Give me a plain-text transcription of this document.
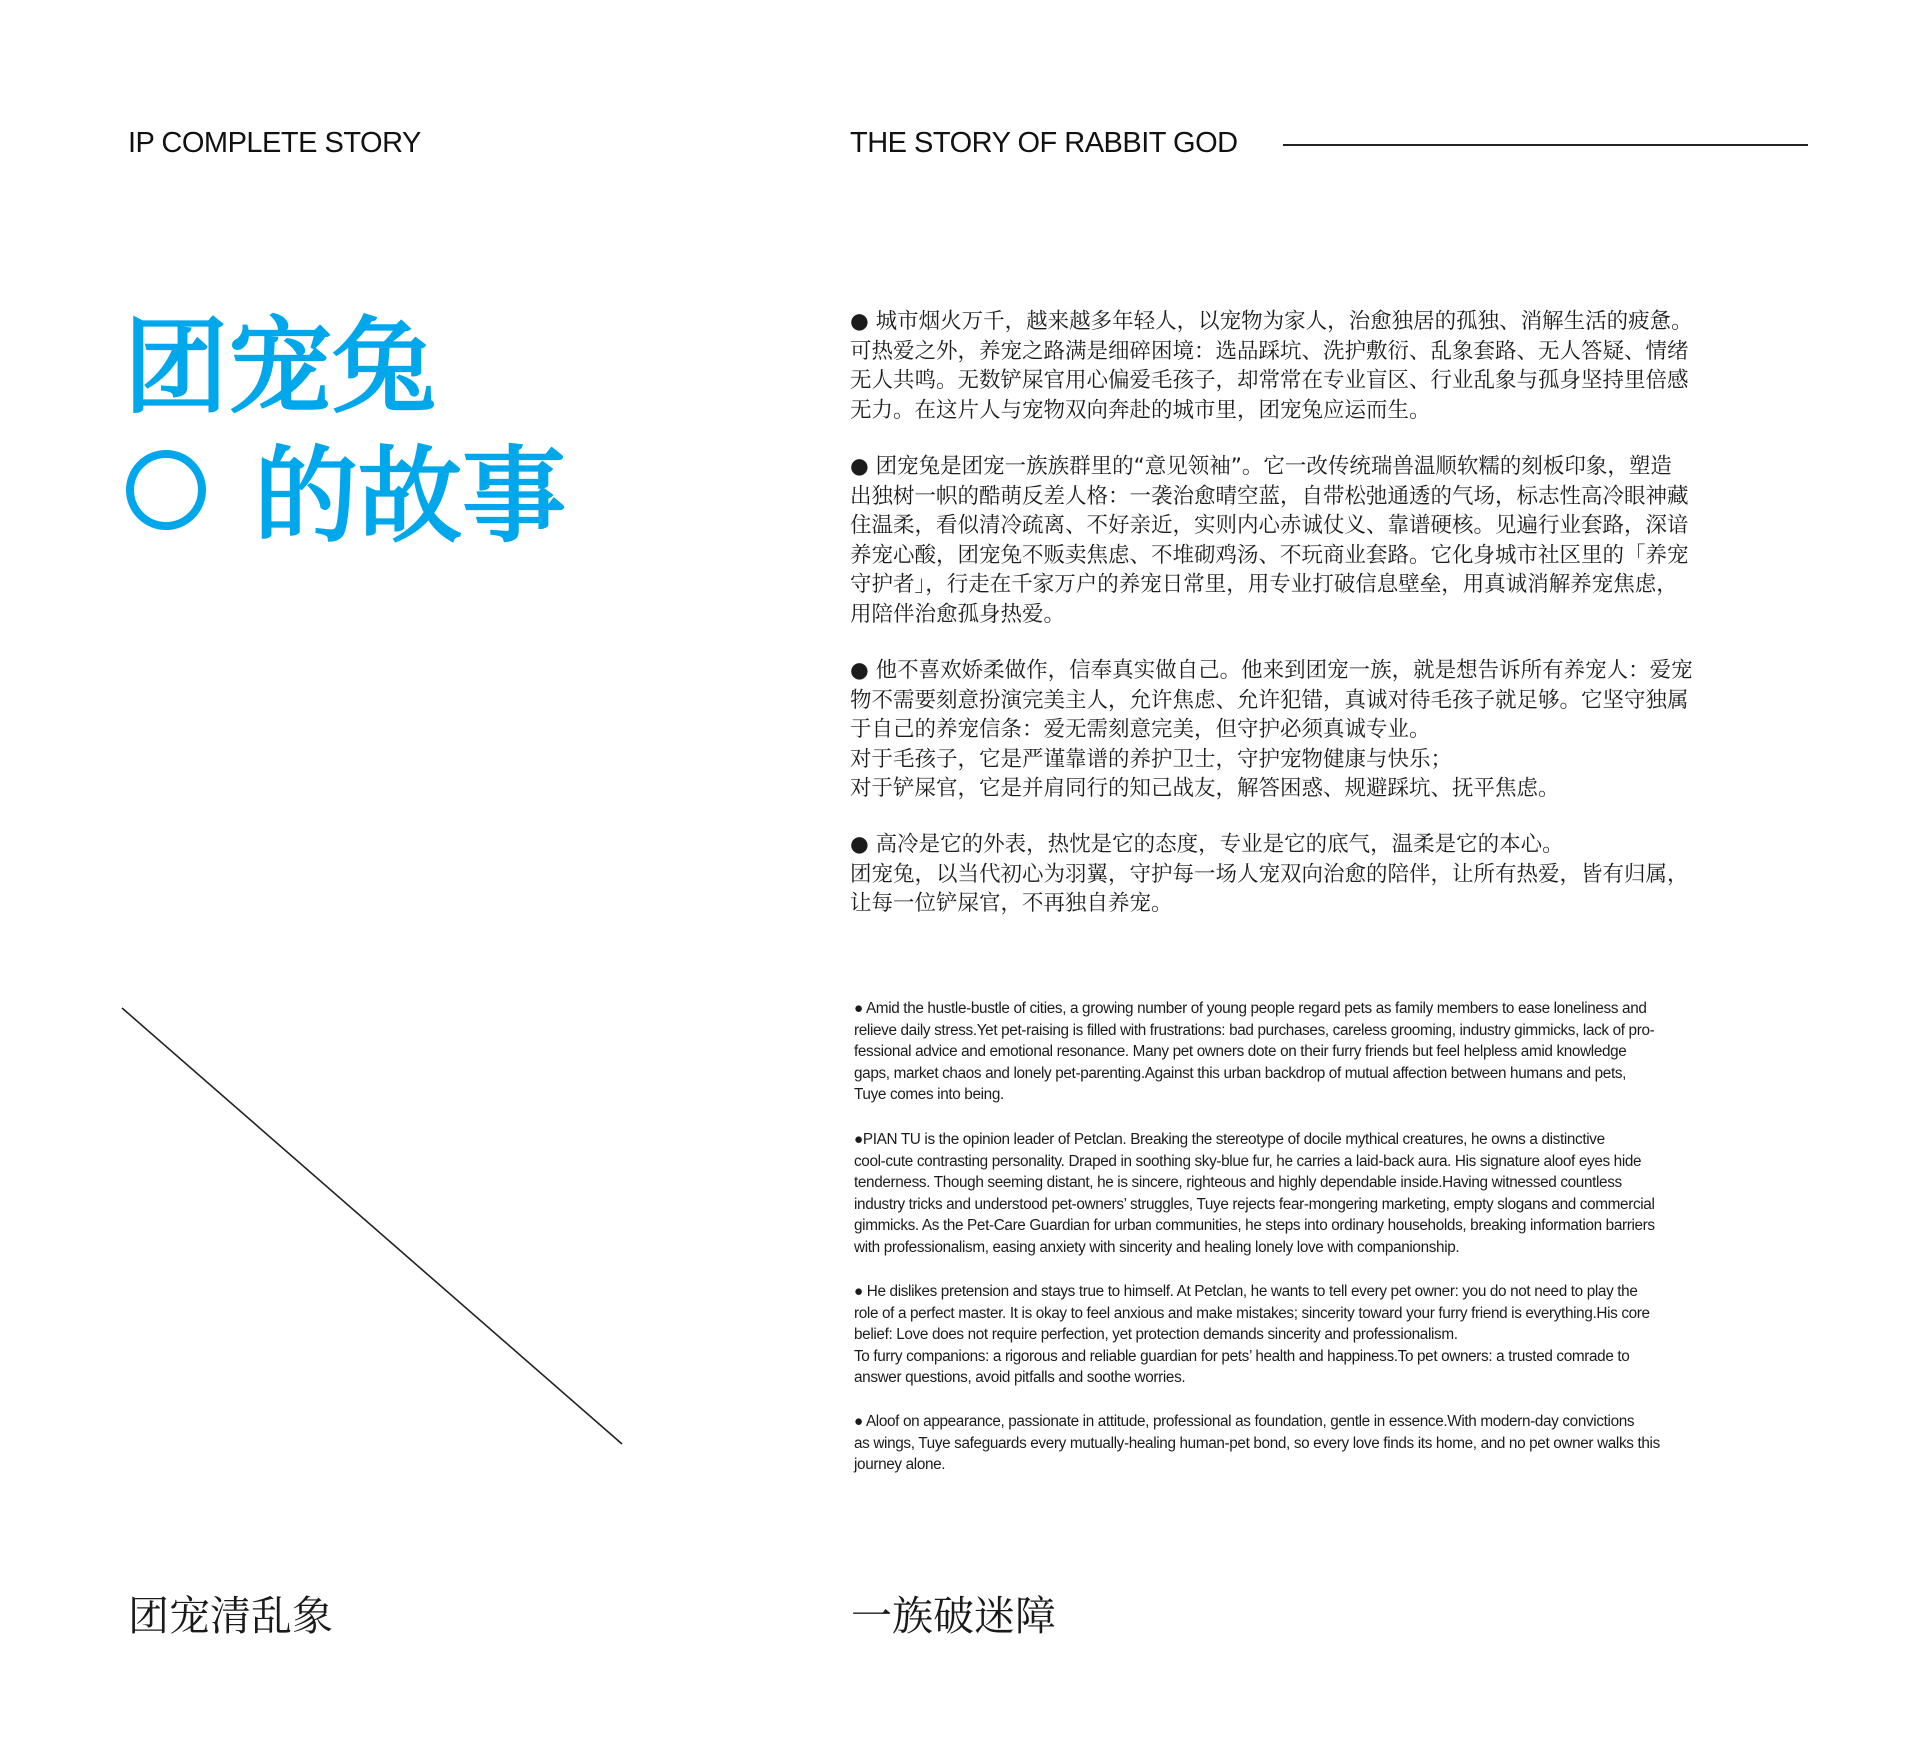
IP COMPLETE STORY	THE STORY OF RABBIT GOD
团宠兔
的故事

● 城市烟火万千，越来越多年轻人，以宠物为家人，治愈独居的孤独、消解生活的疲惫。

可热爱之外，养宠之路满是细碎困境：选品踩坑、洗护敷衍、乱象套路、无人答疑、情绪

无人共鸣。无数铲屎官用心偏爱毛孩子，却常常在专业盲区、行业乱象与孤身坚持里倍感

无力。在这片人与宠物双向奔赴的城市里，团宠兔应运而生。

● 团宠兔是团宠一族族群里的“意见领袖”。它一改传统瑞兽温顺软糯的刻板印象，塑造

出独树一帜的酷萌反差人格：一袭治愈晴空蓝，自带松弛通透的气场，标志性高冷眼神藏

住温柔，看似清冷疏离、不好亲近，实则内心赤诚仗义、靠谱硬核。见遍行业套路，深谙

养宠心酸，团宠兔不贩卖焦虑、不堆砌鸡汤、不玩商业套路。它化身城市社区里的「养宠

守护者」，行走在千家万户的养宠日常里，用专业打破信息壁垒，用真诚消解养宠焦虑，

用陪伴治愈孤身热爱。

● 他不喜欢娇柔做作，信奉真实做自己。他来到团宠一族，就是想告诉所有养宠人：爱宠

物不需要刻意扮演完美主人，允许焦虑、允许犯错，真诚对待毛孩子就足够。它坚守独属

于自己的养宠信条：爱无需刻意完美，但守护必须真诚专业。

对于毛孩子，它是严谨靠谱的养护卫士，守护宠物健康与快乐；

对于铲屎官，它是并肩同行的知己战友，解答困惑、规避踩坑、抚平焦虑。

● 高冷是它的外表，热忱是它的态度，专业是它的底气，温柔是它的本心。

团宠兔，以当代初心为羽翼，守护每一场人宠双向治愈的陪伴，让所有热爱，皆有归属，

让每一位铲屎官，不再独自养宠。

● Amid the hustle-bustle of cities, a growing number of young people regard pets as family members to ease loneliness and

relieve daily stress.Yet pet-raising is filled with frustrations: bad purchases, careless grooming, industry gimmicks, lack of pro-

fessional advice and emotional resonance. Many pet owners dote on their furry friends but feel helpless amid knowledge

gaps, market chaos and lonely pet-parenting.Against this urban backdrop of mutual affection between humans and pets,

Tuye comes into being.

●PIAN TU is the opinion leader of Petclan. Breaking the stereotype of docile mythical creatures, he owns a distinctive

cool-cute contrasting personality. Draped in soothing sky-blue fur, he carries a laid-back aura. His signature aloof eyes hide

tenderness. Though seeming distant, he is sincere, righteous and highly dependable inside.Having witnessed countless

industry tricks and understood pet-owners’ struggles, Tuye rejects fear-mongering marketing, empty slogans and commercial

gimmicks. As the Pet-Care Guardian for urban communities, he steps into ordinary households, breaking information barriers

with professionalism, easing anxiety with sincerity and healing lonely love with companionship.

● He dislikes pretension and stays true to himself. At Petclan, he wants to tell every pet owner: you do not need to play the

role of a perfect master. It is okay to feel anxious and make mistakes; sincerity toward your furry friend is everything.His core

belief: Love does not require perfection, yet protection demands sincerity and professionalism.

To furry companions: a rigorous and reliable guardian for pets’ health and happiness.To pet owners: a trusted comrade to

answer questions, avoid pitfalls and soothe worries.

● Aloof on appearance, passionate in attitude, professional as foundation, gentle in essence.With modern-day convictions

as wings, Tuye safeguards every mutually-healing human-pet bond, so every love finds its home, and no pet owner walks this

journey alone.

团宠清乱象	一族破迷障
